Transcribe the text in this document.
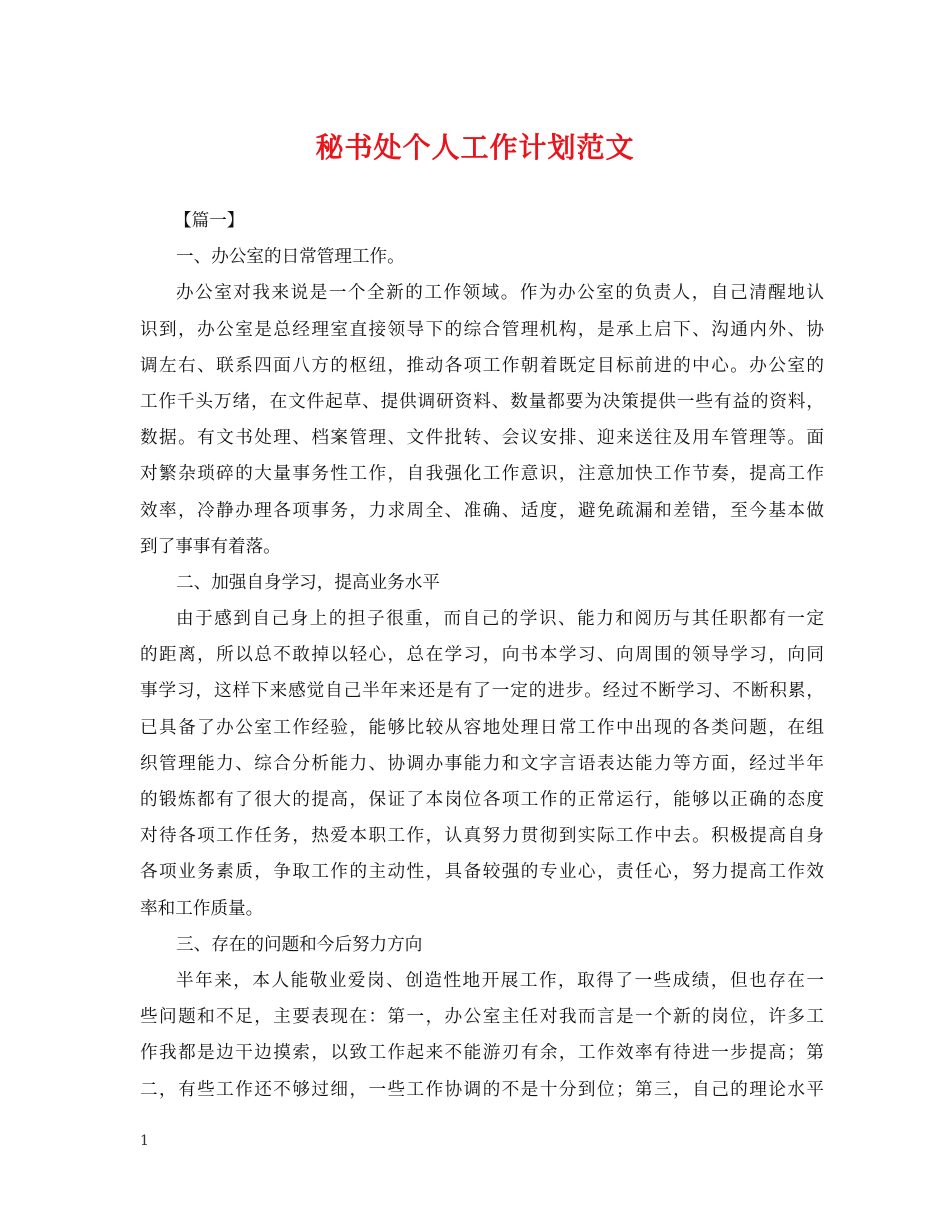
秘书处个人工作计划范文
【篇一】
一、办公室的日常管理工作。
办公室对我来说是一个全新的工作领域。作为办公室的负责人，自己清醒地认
识到，办公室是总经理室直接领导下的综合管理机构，是承上启下、沟通内外、协
调左右、联系四面八方的枢纽，推动各项工作朝着既定目标前进的中心。办公室的
工作千头万绪，在文件起草、提供调研资料、数量都要为决策提供一些有益的资料，
数据。有文书处理、档案管理、文件批转、会议安排、迎来送往及用车管理等。面
对繁杂琐碎的大量事务性工作，自我强化工作意识，注意加快工作节奏，提高工作
效率，冷静办理各项事务，力求周全、准确、适度，避免疏漏和差错，至今基本做
到了事事有着落。
二、加强自身学习，提高业务水平
由于感到自己身上的担子很重，而自己的学识、能力和阅历与其任职都有一定
的距离，所以总不敢掉以轻心，总在学习，向书本学习、向周围的领导学习，向同
事学习，这样下来感觉自己半年来还是有了一定的进步。经过不断学习、不断积累，
已具备了办公室工作经验，能够比较从容地处理日常工作中出现的各类问题，在组
织管理能力、综合分析能力、协调办事能力和文字言语表达能力等方面，经过半年
的锻炼都有了很大的提高，保证了本岗位各项工作的正常运行，能够以正确的态度
对待各项工作任务，热爱本职工作，认真努力贯彻到实际工作中去。积极提高自身
各项业务素质，争取工作的主动性，具备较强的专业心，责任心，努力提高工作效
率和工作质量。
三、存在的问题和今后努力方向
半年来，本人能敬业爱岗、创造性地开展工作，取得了一些成绩，但也存在一
些问题和不足，主要表现在：第一，办公室主任对我而言是一个新的岗位，许多工
作我都是边干边摸索，以致工作起来不能游刃有余，工作效率有待进一步提高；第
二，有些工作还不够过细，一些工作协调的不是十分到位；第三，自己的理论水平
1
